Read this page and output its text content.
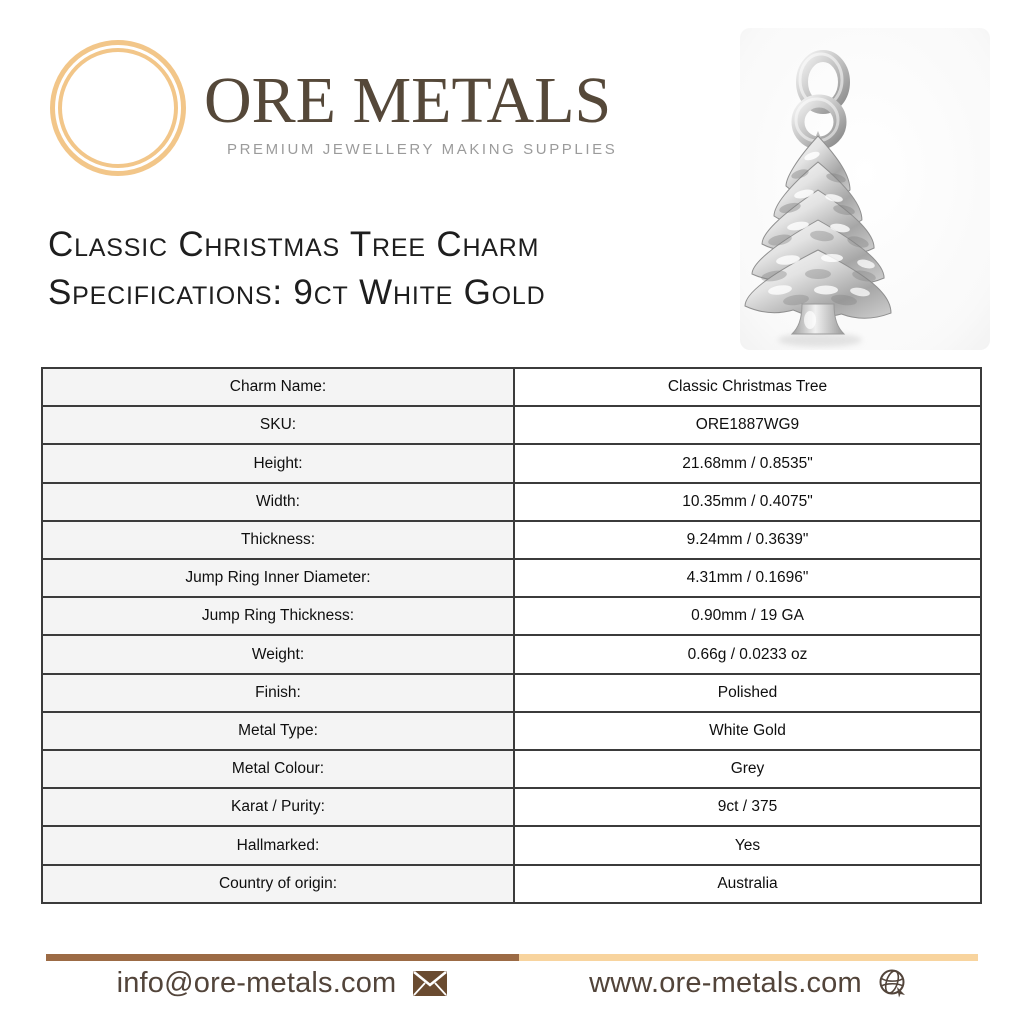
ORE METALS
PREMIUM JEWELLERY MAKING SUPPLIES
Classic Christmas Tree Charm
Specifications: 9ct White Gold
Charm Name:	Classic Christmas Tree
SKU:	ORE1887WG9
Height:	21.68mm / 0.8535"
Width:	10.35mm / 0.4075"
Thickness:	9.24mm / 0.3639"
Jump Ring Inner Diameter:	4.31mm / 0.1696"
Jump Ring Thickness:	0.90mm / 19 GA
Weight:	0.66g / 0.0233 oz
Finish:	Polished
Metal Type:	White Gold
Metal Colour:	Grey
Karat / Purity:	9ct / 375
Hallmarked:	Yes
Country of origin:	Australia
info@ore-metals.com	www.ore-metals.com
